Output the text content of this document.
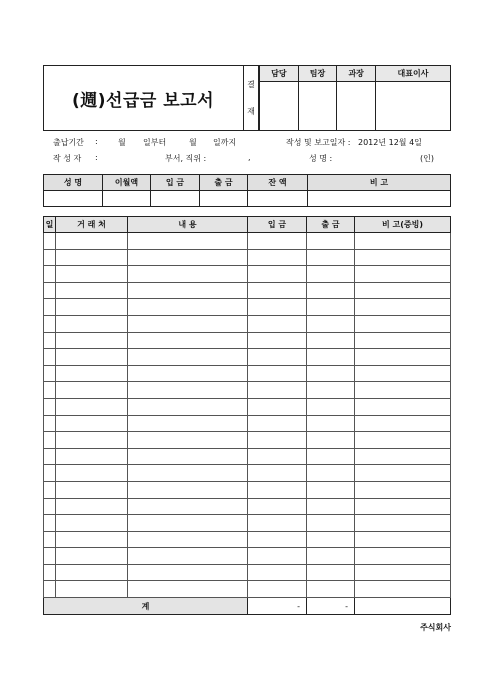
(週)선급금 보고서
결
재
담당	팀장	과장	대표이사

출납기간 :	월 일부터	월 일까지	작성 및 보고일자 : 2012년 12월 4일
작 성 자 :	부서, 직위 :	,	성 명 :	(인)
성 명	이월액	입 금	출 금	잔 액	비 고

일	거 래 처	내 용	입 금	출 금	비 고(증빙)

계			-	-	
주식회사
